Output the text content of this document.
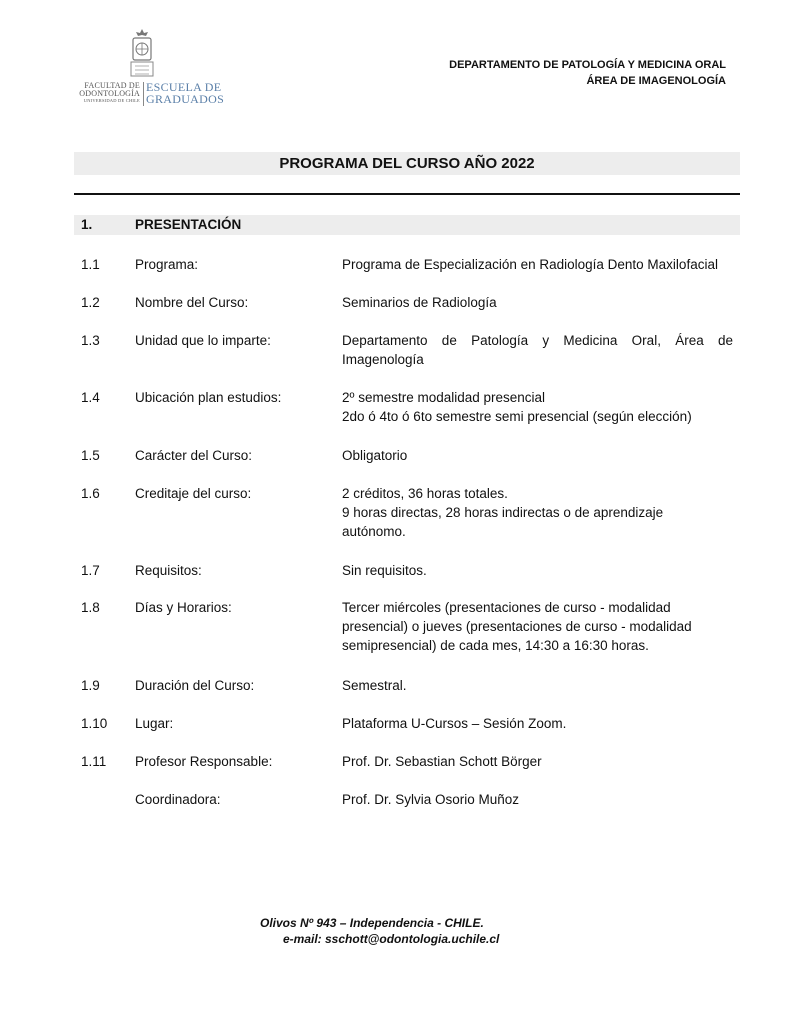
FACULTAD DE
ODONTOLOGÍA
UNIVERSIDAD DE CHILE
ESCUELA DE
GRADUADOS
DEPARTAMENTO DE PATOLOGÍA Y MEDICINA ORAL
ÁREA DE IMAGENOLOGÍA
PROGRAMA DEL CURSO AÑO 2022
1.	PRESENTACIÓN
1.1	Programa:	Programa de Especialización en Radiología Dento Maxilofacial
1.2	Nombre del Curso:	Seminarios de Radiología
1.3	Unidad que lo imparte:	Departamento de Patología y Medicina Oral, Área de
Imagenología
1.4	Ubicación plan estudios:	2º semestre modalidad presencial
2do ó 4to ó 6to semestre semi presencial (según elección)
1.5	Carácter del Curso:	Obligatorio
1.6	Creditaje del curso:	2 créditos, 36 horas totales.
9 horas directas, 28 horas indirectas o de aprendizaje
autónomo.
1.7	Requisitos:	Sin requisitos.
1.8	Días y Horarios:	Tercer miércoles (presentaciones de curso - modalidad
presencial) o jueves (presentaciones de curso - modalidad
semipresencial) de cada mes, 14:30 a 16:30 horas.
1.9	Duración del Curso:	Semestral.
1.10 Lugar:	Plataforma U-Cursos – Sesión Zoom.
1.11 Profesor Responsable:	Prof. Dr. Sebastian Schott Börger
Coordinadora:	Prof. Dr. Sylvia Osorio Muñoz
Olivos Nº 943 – Independencia - CHILE.
e-mail: sschott@odontologia.uchile.cl
